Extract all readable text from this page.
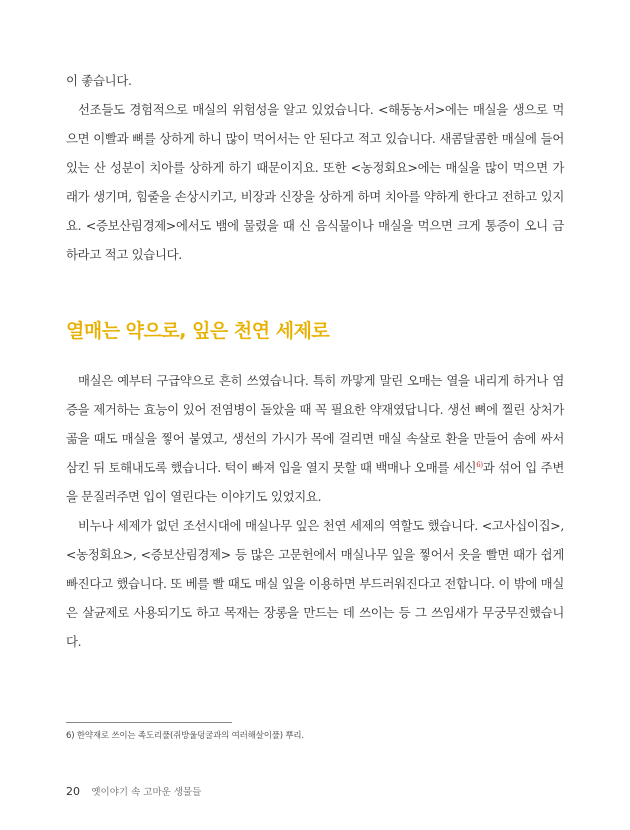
이 좋습니다.

선조들도 경험적으로 매실의 위험성을 알고 있었습니다. <해동농서>에는 매실을 생으로 먹으면 이빨과 뼈를 상하게 하니 많이 먹어서는 안 된다고 적고 있습니다. 새콤달콤한 매실에 들어 있는 산 성분이 치아를 상하게 하기 때문이지요. 또한 <농정회요>에는 매실을 많이 먹으면 가래가 생기며, 힘줄을 손상시키고, 비장과 신장을 상하게 하며 치아를 약하게 한다고 전하고 있지요. <증보산림경제>에서도 뱀에 물렸을 때 신 음식물이나 매실을 먹으면 크게 통증이 오니 금하라고 적고 있습니다.

열매는 약으로, 잎은 천연 세제로

매실은 예부터 구급약으로 흔히 쓰였습니다. 특히 까맣게 말린 오매는 열을 내리게 하거나 염증을 제거하는 효능이 있어 전염병이 돌았을 때 꼭 필요한 약재였답니다. 생선 뼈에 찔린 상처가 곪을 때도 매실을 찧어 붙였고, 생선의 가시가 목에 걸리면 매실 속살로 환을 만들어 솜에 싸서 삼킨 뒤 토해내도록 했습니다. 턱이 빠져 입을 열지 못할 때 백매나 오매를 세신$^{6)}$과 섞어 입 주변을 문질러주면 입이 열린다는 이야기도 있었지요.

비누나 세제가 없던 조선시대에 매실나무 잎은 천연 세제의 역할도 했습니다. <고사십이집>, <농정회요>, <증보산림경제> 등 많은 고문헌에서 매실나무 잎을 찧어서 옷을 빨면 때가 쉽게 빠진다고 했습니다. 또 베를 빨 때도 매실 잎을 이용하면 부드러워진다고 전합니다. 이 밖에 매실은 살균제로 사용되기도 하고 목재는 장롱을 만드는 데 쓰이는 등 그 쓰임새가 무궁무진했습니다.

6) 한약재로 쓰이는 족도리풀(쥐방울덩굴과의 여러해살이풀) 뿌리.
20 옛이야기 속 고마운 생물들
